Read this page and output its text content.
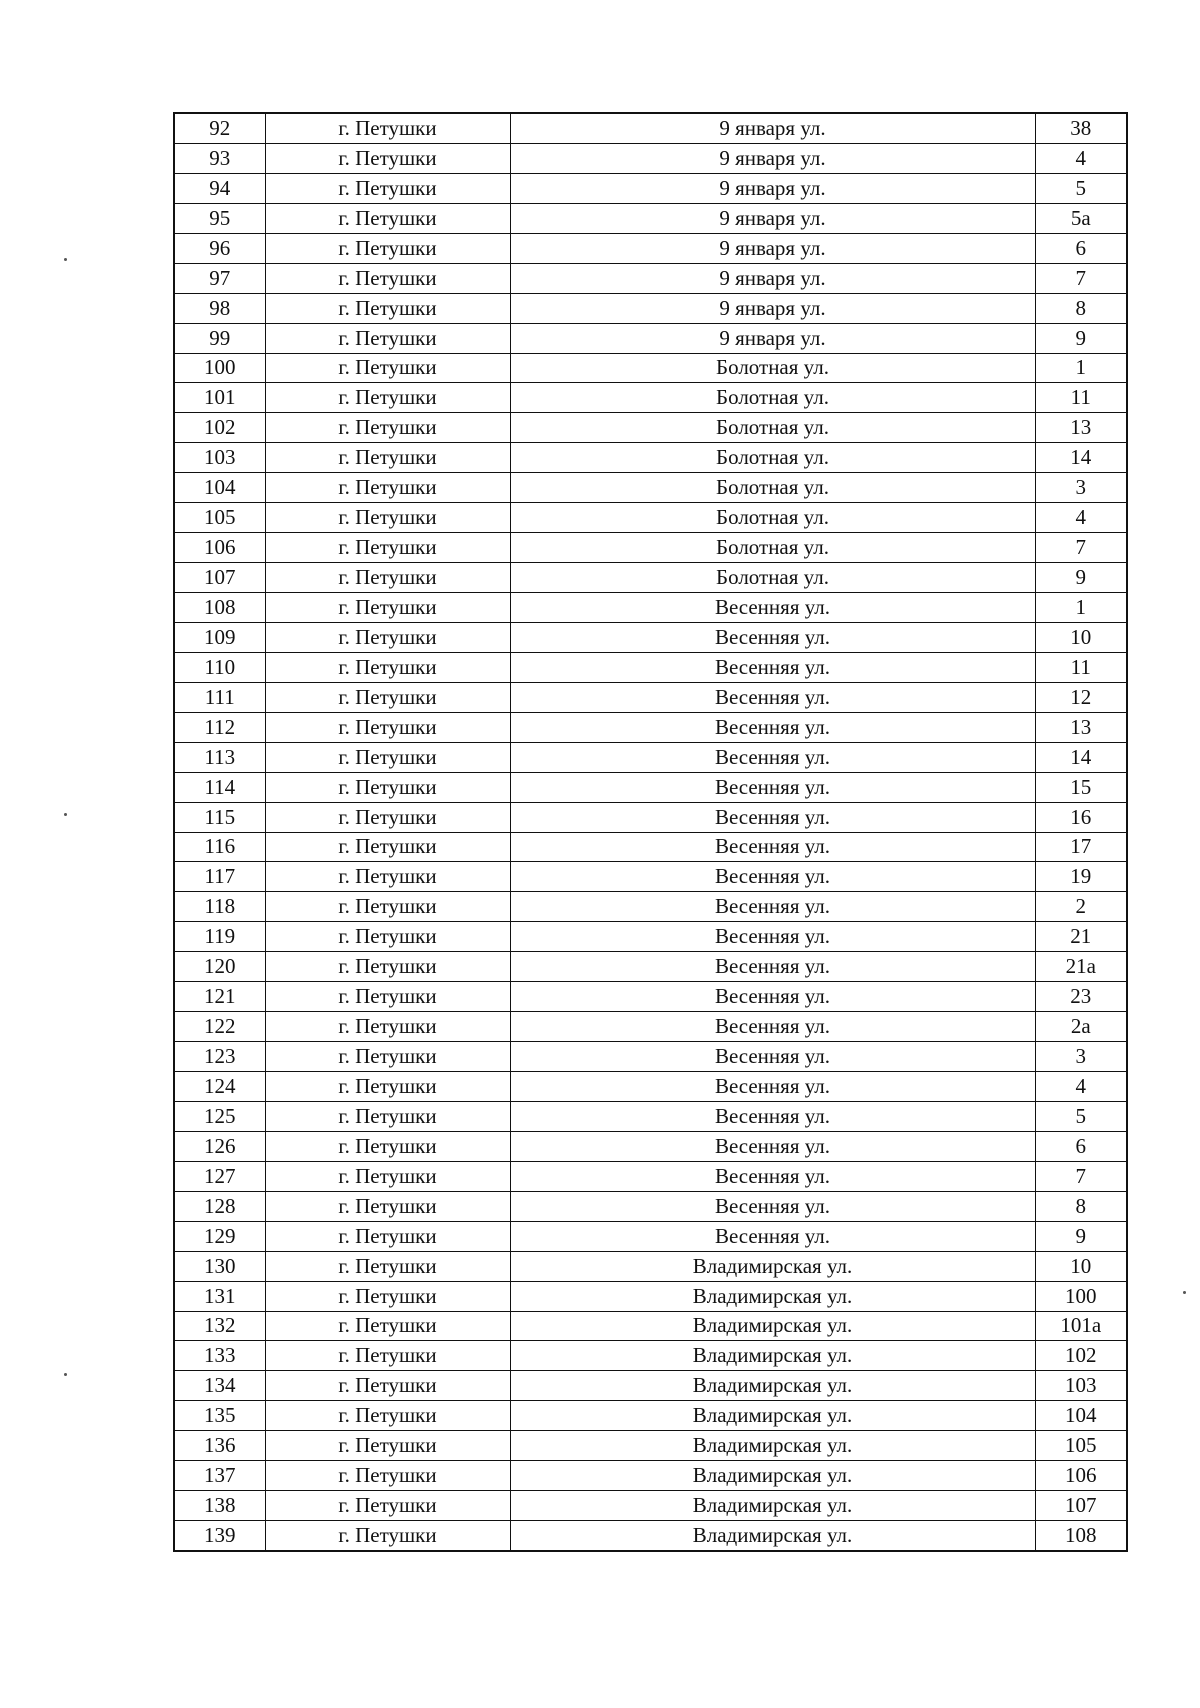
92	г. Петушки	9 января ул.	38
93	г. Петушки	9 января ул.	4
94	г. Петушки	9 января ул.	5
95	г. Петушки	9 января ул.	5а
96	г. Петушки	9 января ул.	6
97	г. Петушки	9 января ул.	7
98	г. Петушки	9 января ул.	8
99	г. Петушки	9 января ул.	9
100	г. Петушки	Болотная ул.	1
101	г. Петушки	Болотная ул.	11
102	г. Петушки	Болотная ул.	13
103	г. Петушки	Болотная ул.	14
104	г. Петушки	Болотная ул.	3
105	г. Петушки	Болотная ул.	4
106	г. Петушки	Болотная ул.	7
107	г. Петушки	Болотная ул.	9
108	г. Петушки	Весенняя ул.	1
109	г. Петушки	Весенняя ул.	10
110	г. Петушки	Весенняя ул.	11
111	г. Петушки	Весенняя ул.	12
112	г. Петушки	Весенняя ул.	13
113	г. Петушки	Весенняя ул.	14
114	г. Петушки	Весенняя ул.	15
115	г. Петушки	Весенняя ул.	16
116	г. Петушки	Весенняя ул.	17
117	г. Петушки	Весенняя ул.	19
118	г. Петушки	Весенняя ул.	2
119	г. Петушки	Весенняя ул.	21
120	г. Петушки	Весенняя ул.	21а
121	г. Петушки	Весенняя ул.	23
122	г. Петушки	Весенняя ул.	2а
123	г. Петушки	Весенняя ул.	3
124	г. Петушки	Весенняя ул.	4
125	г. Петушки	Весенняя ул.	5
126	г. Петушки	Весенняя ул.	6
127	г. Петушки	Весенняя ул.	7
128	г. Петушки	Весенняя ул.	8
129	г. Петушки	Весенняя ул.	9
130	г. Петушки	Владимирская ул.	10
131	г. Петушки	Владимирская ул.	100
132	г. Петушки	Владимирская ул.	101а
133	г. Петушки	Владимирская ул.	102
134	г. Петушки	Владимирская ул.	103
135	г. Петушки	Владимирская ул.	104
136	г. Петушки	Владимирская ул.	105
137	г. Петушки	Владимирская ул.	106
138	г. Петушки	Владимирская ул.	107
139	г. Петушки	Владимирская ул.	108
